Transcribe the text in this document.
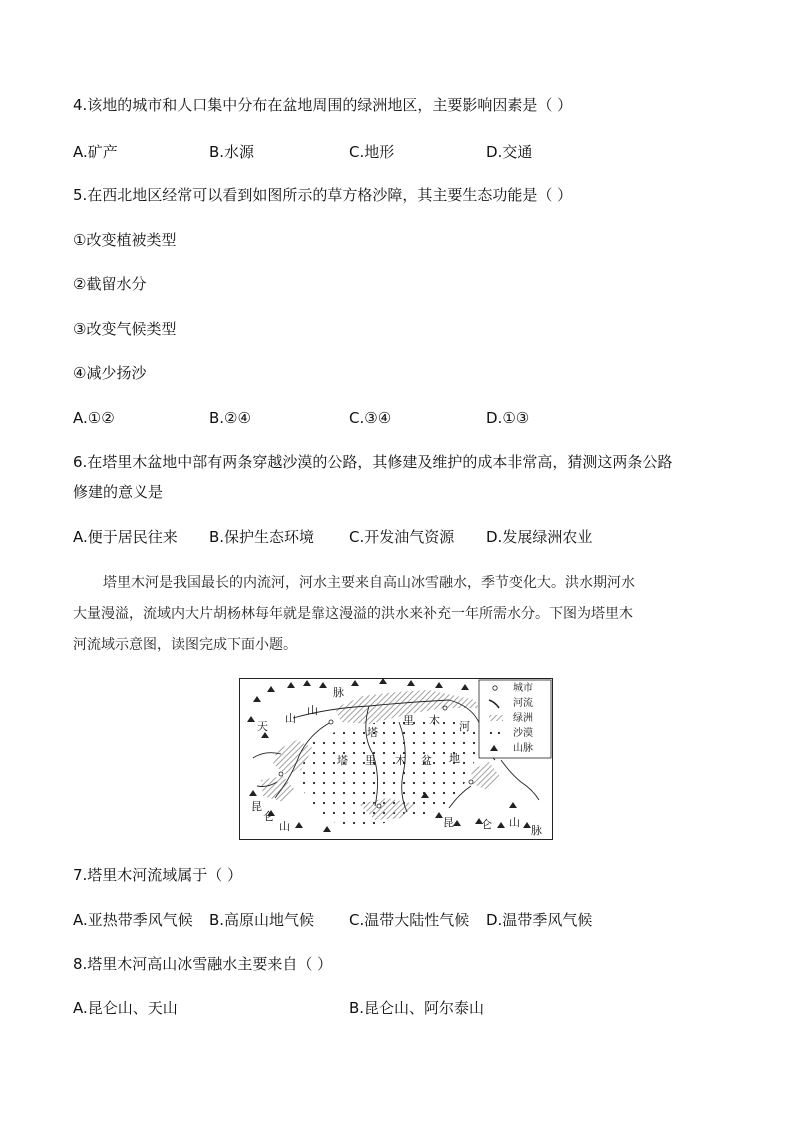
4.该地的城市和人口集中分布在盆地周围的绿洲地区，主要影响因素是（ ）
A.矿产	B.水源	C.地形	D.交通
5.在西北地区经常可以看到如图所示的草方格沙障，其主要生态功能是（ ）
①改变植被类型
②截留水分
③改变气候类型
④减少扬沙
A.①②	B.②④	C.③④	D.①③
6.在塔里木盆地中部有两条穿越沙漠的公路，其修建及维护的成本非常高，猜测这两条公路
修建的意义是
A.便于居民往来 B.保护生态环境 C.开发油气资源 D.发展绿洲农业

塔里木河是我国最长的内流河，河水主要来自高山冰雪融水，季节变化大。洪水期河水

大量漫溢，流域内大片胡杨林每年就是靠这漫溢的洪水来补充一年所需水分。下图为塔里木

河流域示意图，读图完成下面小题。

天
山
山
脉
塔
里 木 河
塔 里 木 盆 地
昆
仑
山	昆 仑 山
脉
城市
河流
绿洲
沙漠
山脉
7.塔里木河流域属于（ ）
A.亚热带季风气候 B.高原山地气候 C.温带大陆性气候 D.温带季风气候
8.塔里木河高山冰雪融水主要来自（ ）
A.昆仑山、天山	B.昆仑山、阿尔泰山
